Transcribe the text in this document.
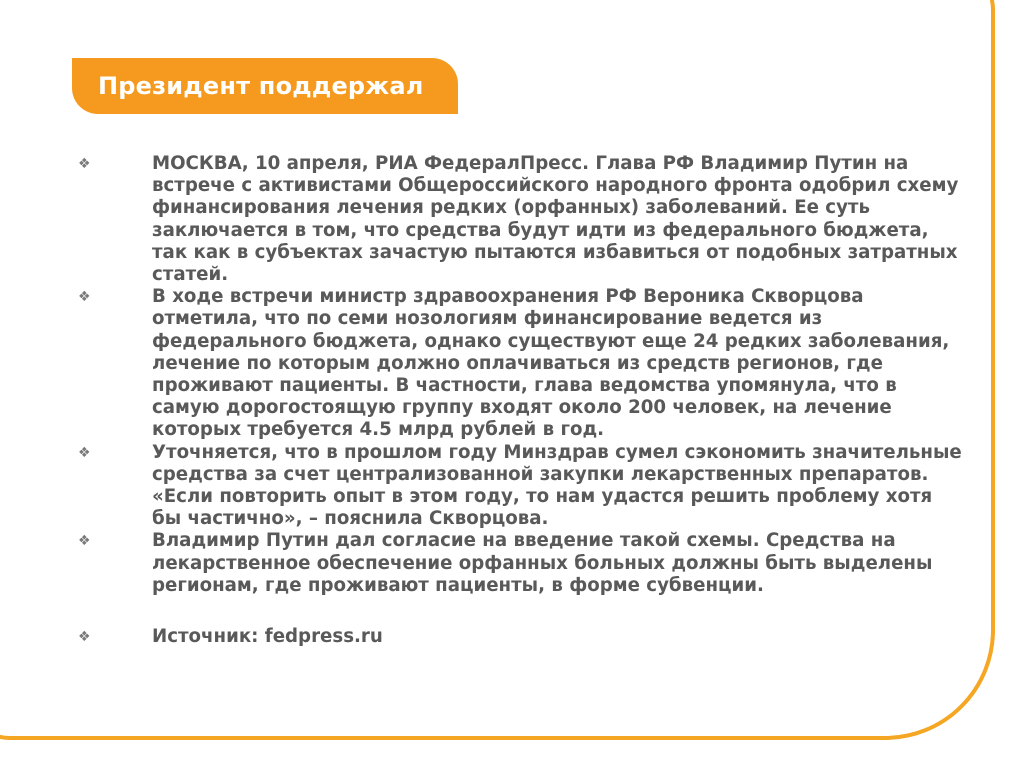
Президент поддержал
❖	МОСКВА, 10 апреля, РИА ФедералПресс. Глава РФ Владимир Путин на встрече с активистами Общероссийского народного фронта одобрил схему финансирования лечения редких (орфанных) заболеваний. Ее суть заключается в том, что средства будут идти из федерального бюджета, так как в субъектах зачастую пытаются избавиться от подобных затратных статей.

❖	В ходе встречи министр здравоохранения РФ Вероника Скворцова отметила, что по семи нозологиям финансирование ведется из федерального бюджета, однако существуют еще 24 редких заболевания, лечение по которым должно оплачиваться из средств регионов, где проживают пациенты. В частности, глава ведомства упомянула, что в самую дорогостоящую группу входят около 200 человек, на лечение которых требуется 4.5 млрд рублей в год.

❖	Уточняется, что в прошлом году Минздрав сумел сэкономить значительные средства за счет централизованной закупки лекарственных препаратов. «Если повторить опыт в этом году, то нам удастся решить проблему хотя бы частично», – пояснила Скворцова.

❖	Владимир Путин дал согласие на введение такой схемы. Средства на лекарственное обеспечение орфанных больных должны быть выделены регионам, где проживают пациенты, в форме субвенции.

❖	Источник: fedpress.ru
